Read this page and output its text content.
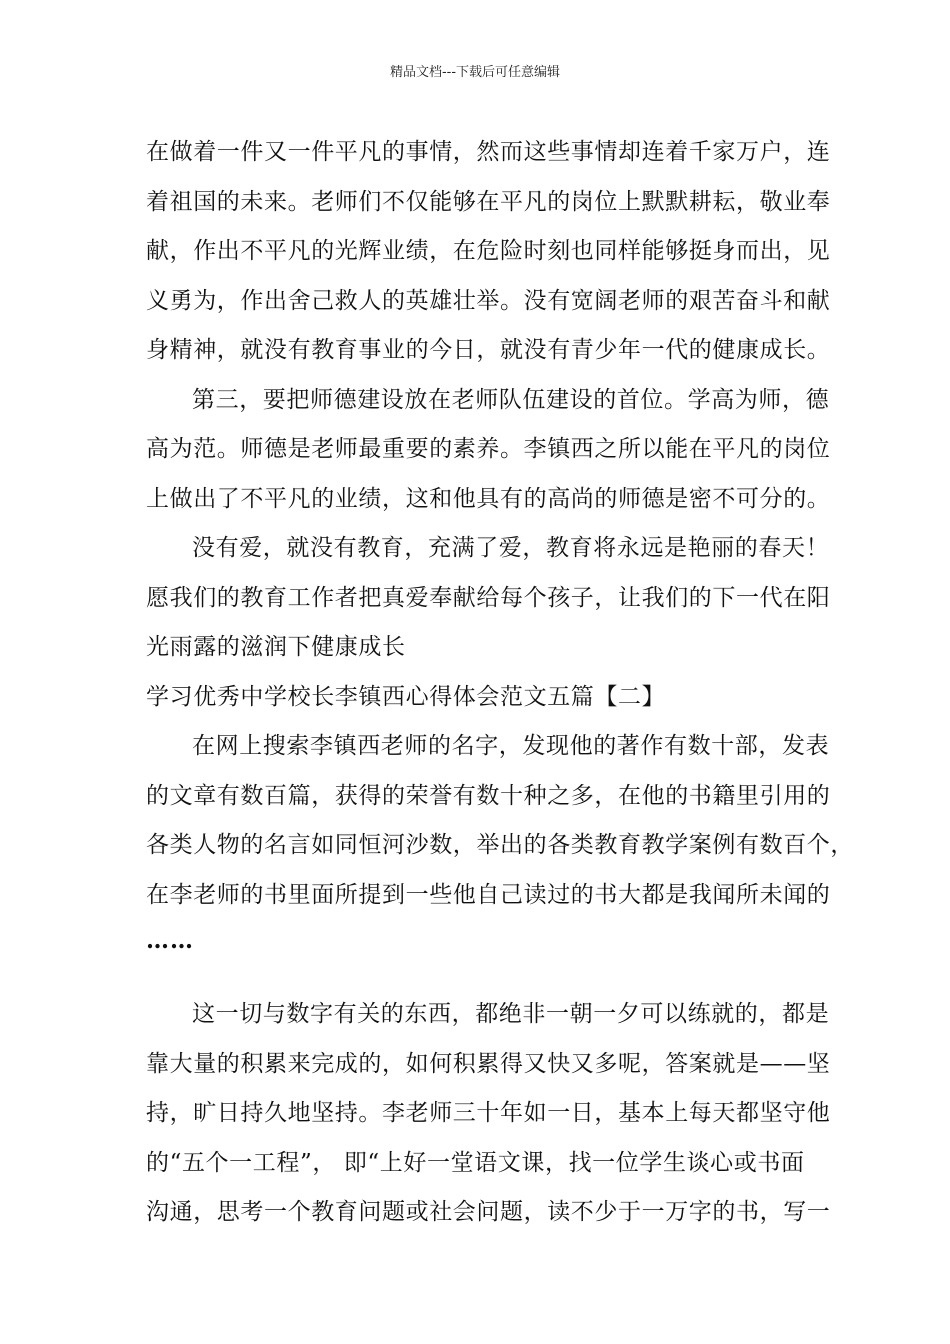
精品文档---下载后可任意编辑
在做着一件又一件平凡的事情，然而这些事情却连着千家万户，连
着祖国的未来。老师们不仅能够在平凡的岗位上默默耕耘，敬业奉
献，作出不平凡的光辉业绩，在危险时刻也同样能够挺身而出，见
义勇为，作出舍己救人的英雄壮举。没有宽阔老师的艰苦奋斗和献
身精神，就没有教育事业的今日，就没有青少年一代的健康成长。
第三，要把师德建设放在老师队伍建设的首位。学高为师，德
高为范。师德是老师最重要的素养。李镇西之所以能在平凡的岗位
上做出了不平凡的业绩，这和他具有的高尚的师德是密不可分的。
没有爱，就没有教育，充满了爱，教育将永远是艳丽的春天！
愿我们的教育工作者把真爱奉献给每个孩子，让我们的下一代在阳
光雨露的滋润下健康成长
学习优秀中学校长李镇西心得体会范文五篇【二】
在网上搜索李镇西老师的名字，发现他的著作有数十部，发表
的文章有数百篇，获得的荣誉有数十种之多，在他的书籍里引用的
各类人物的名言如同恒河沙数，举出的各类教育教学案例有数百个，
在李老师的书里面所提到一些他自己读过的书大都是我闻所未闻的
……
这一切与数字有关的东西，都绝非一朝一夕可以练就的，都是
靠大量的积累来完成的，如何积累得又快又多呢，答案就是——坚
持，旷日持久地坚持。李老师三十年如一日，基本上每天都坚守他
的“五个一工程”， 即“上好一堂语文课，找一位学生谈心或书面
沟通，思考一个教育问题或社会问题，读不少于一万字的书，写一
